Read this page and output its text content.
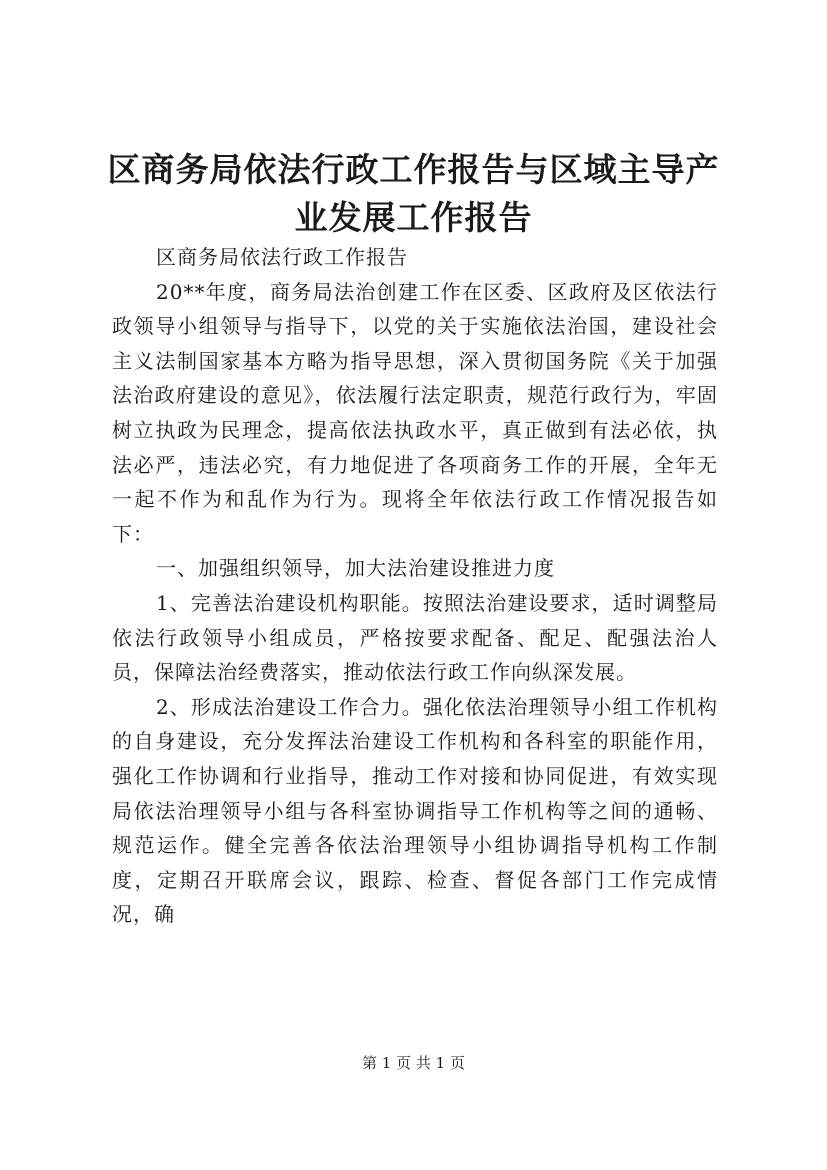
区商务局依法行政工作报告与区域主导产业发展工作报告

区商务局依法行政工作报告

20**年度，商务局法治创建工作在区委、区政府及区依法行政领导小组领导与指导下，以党的关于实施依法治国，建设社会主义法制国家基本方略为指导思想，深入贯彻国务院《关于加强法治政府建设的意见》，依法履行法定职责，规范行政行为，牢固树立执政为民理念，提高依法执政水平，真正做到有法必依，执法必严，违法必究，有力地促进了各项商务工作的开展，全年无一起不作为和乱作为行为。现将全年依法行政工作情况报告如下：

一、加强组织领导，加大法治建设推进力度

1、完善法治建设机构职能。按照法治建设要求，适时调整局依法行政领导小组成员，严格按要求配备、配足、配强法治人员，保障法治经费落实，推动依法行政工作向纵深发展。

2、形成法治建设工作合力。强化依法治理领导小组工作机构的自身建设，充分发挥法治建设工作机构和各科室的职能作用，强化工作协调和行业指导，推动工作对接和协同促进，有效实现局依法治理领导小组与各科室协调指导工作机构等之间的通畅、规范运作。健全完善各依法治理领导小组协调指导机构工作制度，定期召开联席会议，跟踪、检查、督促各部门工作完成情况，确

第 1 页 共 1 页
